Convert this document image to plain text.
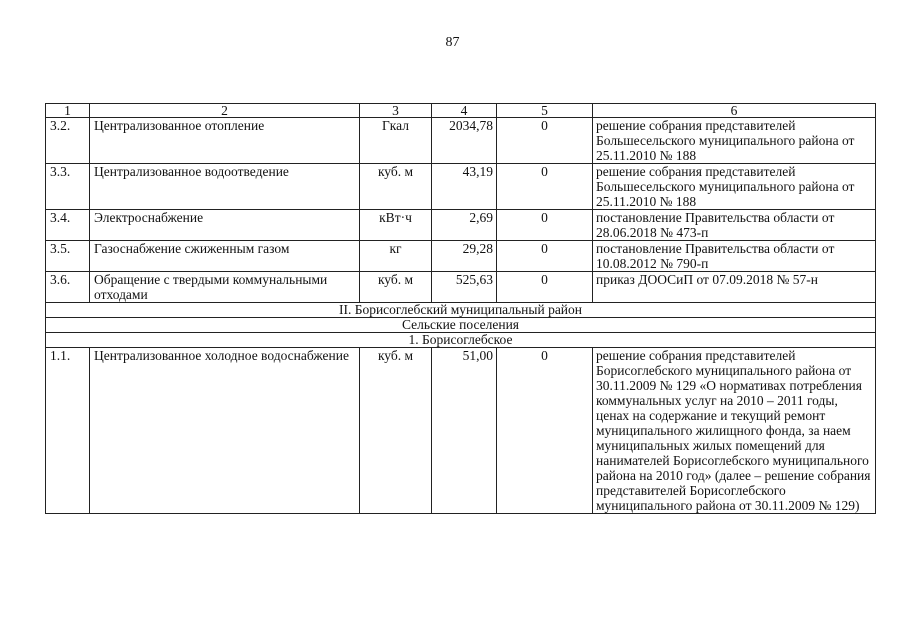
87
1	2	3	4	5	6
3.2.	Централизованное отопление	Гкал	2034,78	0	решение собрания представителей Большесельского муниципального района от 25.11.2010 № 188
3.3.	Централизованное водоотведение	куб. м	43,19	0	решение собрания представителей Большесельского муниципального района от 25.11.2010 № 188
3.4.	Электроснабжение	кВт·ч	2,69	0	постановление Правительства области от 28.06.2018 № 473-п
3.5.	Газоснабжение сжиженным газом	кг	29,28	0	постановление Правительства области от 10.08.2012 № 790-п
3.6.	Обращение с твердыми коммунальными отходами	куб. м	525,63	0	приказ ДООСиП от 07.09.2018 № 57-н
II. Борисоглебский муниципальный район					
Сельские поселения					
1. Борисоглебское					
1.1.	Централизованное холодное водоснабжение	куб. м	51,00	0	решение собрания представителей Борисоглебского муниципального района от 30.11.2009 № 129 «О нормативах потребления коммунальных услуг на 2010 – 2011 годы, ценах на содержание и текущий ремонт муниципального жилищного фонда, за наем муниципальных жилых помещений для нанимателей Борисоглебского муниципального района на 2010 год» (далее – решение собрания представителей Борисоглебского муниципального района от 30.11.2009 № 129)
